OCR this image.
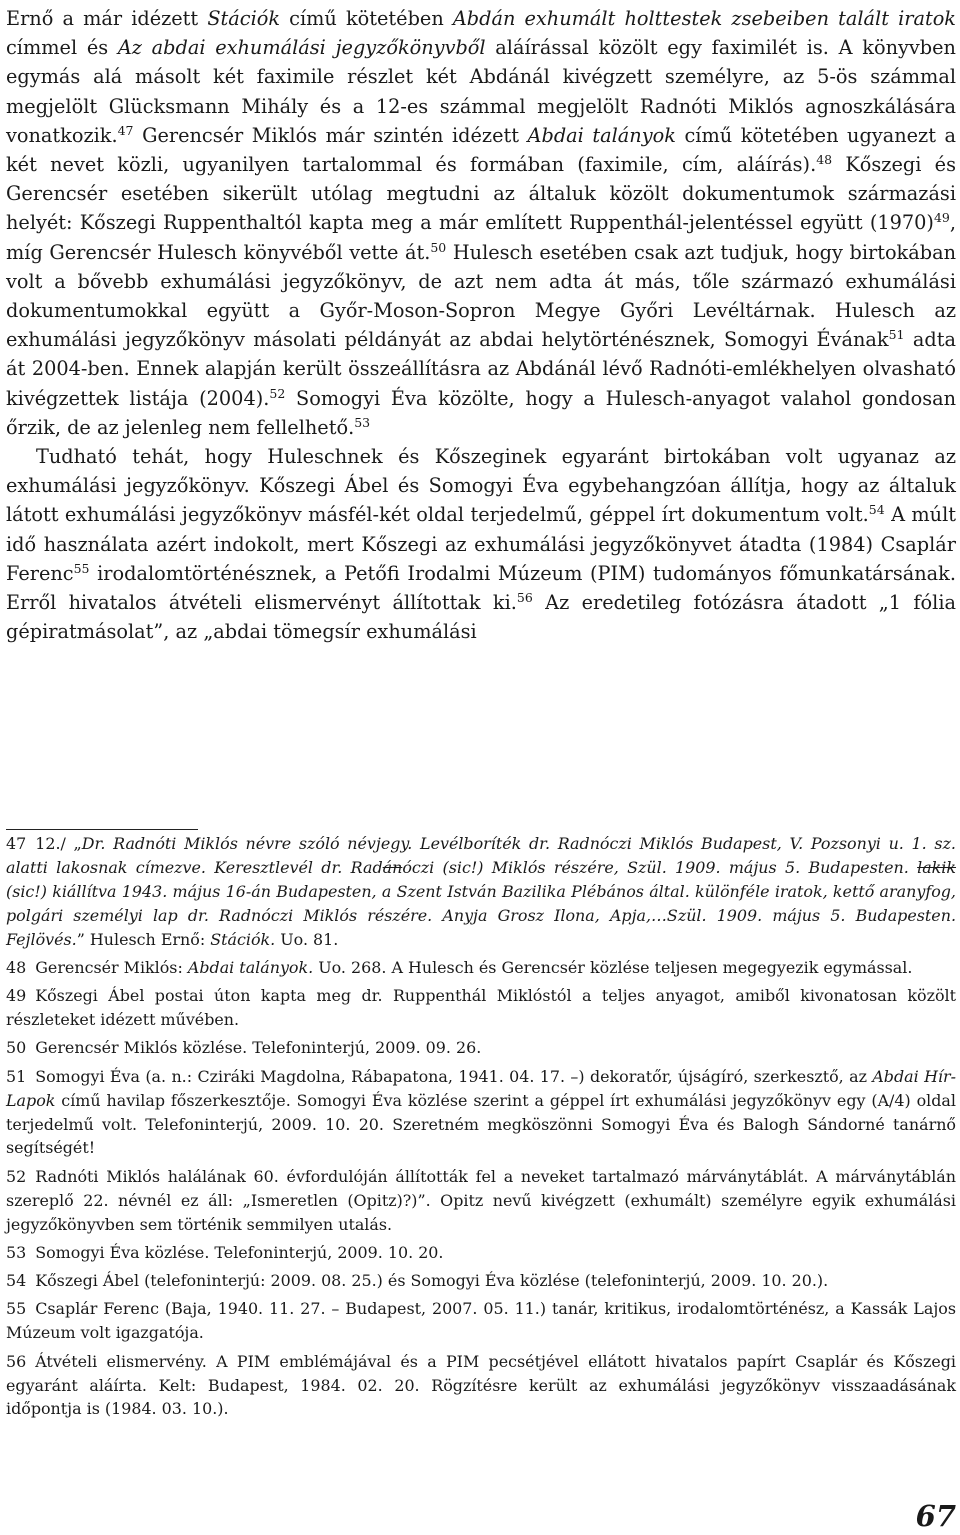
Ernő a már idézett Stációk című kötetében Abdán exhumált holttestek zsebeiben talált iratok címmel és Az abdai exhumálási jegyzőkönyvből aláírással közölt egy faximilét is. A könyvben egymás alá másolt két faximile részlet két Abdánál kivégzett személyre, az 5-ös számmal megjelölt Glücksmann Mihály és a 12-es számmal megjelölt Radnóti Miklós agnoszkálására vonatkozik.$^{47}$ Gerencsér Miklós már szintén idézett Abdai talányok című kötetében ugyanezt a két nevet közli, ugyanilyen tartalommal és formában (faximile, cím, aláírás).$^{48}$ Kőszegi és Gerencsér esetében sikerült utólag megtudni az általuk közölt dokumentumok származási helyét: Kőszegi Ruppenthaltól kapta meg a már említett Ruppenthál-jelentéssel együtt $(1970)^{49}$, míg Gerencsér Hulesch könyvéből vette át.$^{50}$ Hulesch esetében csak azt tudjuk, hogy birtokában volt a bővebb exhumálási jegyzőkönyv, de azt nem adta át más, tőle származó exhumálási dokumentumokkal együtt a Győr-Moson-Sopron Megye Győri Levéltárnak. Hulesch az exhumálási jegyzőkönyv másolati példányát az abdai helytörténésznek, Somogyi Évának$^{51}$ adta át 2004-ben. Ennek alapján került összeállításra az Abdánál lévő Radnóti-emlékhelyen olvasható kivégzettek listája (2004).$^{52}$ Somogyi Éva közölte, hogy a Hulesch-anyagot valahol gondosan őrzik, de az jelenleg nem fellelhető.$^{53}$

Tudható tehát, hogy Huleschnek és Kőszeginek egyaránt birtokában volt ugyanaz az exhumálási jegyzőkönyv. Kőszegi Ábel és Somogyi Éva egybehangzóan állítja, hogy az általuk látott exhumálási jegyzőkönyv másfél-két oldal terjedelmű, géppel írt dokumentum volt.$^{54}$ A múlt idő használata azért indokolt, mert Kőszegi az exhumálási jegyzőkönyvet átadta (1984) Csaplár Ferenc$^{55}$ irodalomtörténésznek, a Petőfi Irodalmi Múzeum (PIM) tudományos főmunkatársának. Erről hivatalos átvételi elismervényt állítottak ki.$^{56}$ Az eredetileg fotózásra átadott „1 fólia gépiratmásolat”, az „abdai tömegsír exhumálási

47 12./ „Dr. Radnóti Miklós névre szóló névjegy. Levélboríték dr. Radnóczi Miklós Budapest, V. Pozsonyi u. 1. sz. alatti lakosnak címezve. Keresztlevél dr. Radánóczi (sic!) Miklós részére, Szül. 1909. május 5. Budapesten. lakik (sic!) kiállítva 1943. május 16-án Budapesten, a Szent István Bazilika Plébános által. különféle iratok, kettő aranyfog, polgári személyi lap dr. Radnóczi Miklós részére. Anyja Grosz Ilona, Apja,…Szül. 1909. május 5. Budapesten. Fejlövés.” Hulesch Ernő: Stációk. Uo. 81.

48 Gerencsér Miklós: Abdai talányok. Uo. 268. A Hulesch és Gerencsér közlése teljesen megegyezik egymással.

49 Kőszegi Ábel postai úton kapta meg dr. Ruppenthál Miklóstól a teljes anyagot, amiből kivonatosan közölt részleteket idézett művében.

50 Gerencsér Miklós közlése. Telefoninterjú, 2009. 09. 26.

51 Somogyi Éva (a. n.: Cziráki Magdolna, Rábapatona, 1941. 04. 17. –) dekoratőr, újságíró, szerkesztő, az Abdai Hír-Lapok című havilap főszerkesztője. Somogyi Éva közlése szerint a géppel írt exhumálási jegyzőkönyv egy (A/4) oldal terjedelmű volt. Telefoninterjú, 2009. 10. 20. Szeretném megköszönni Somogyi Éva és Balogh Sándorné tanárnő segítségét!

52 Radnóti Miklós halálának 60. évfordulóján állították fel a neveket tartalmazó márványtáblát. A márványtáblán szereplő 22. névnél ez áll: „Ismeretlen (Opitz)?)”. Opitz nevű kivégzett (exhumált) személyre egyik exhumálási jegyzőkönyvben sem történik semmilyen utalás.

53 Somogyi Éva közlése. Telefoninterjú, 2009. 10. 20.

54 Kőszegi Ábel (telefoninterjú: 2009. 08. 25.) és Somogyi Éva közlése (telefoninterjú, 2009. 10. 20.).

55 Csaplár Ferenc (Baja, 1940. 11. 27. – Budapest, 2007. 05. 11.) tanár, kritikus, irodalomtörténész, a Kassák Lajos Múzeum volt igazgatója.

56 Átvételi elismervény. A PIM emblémájával és a PIM pecsétjével ellátott hivatalos papírt Csaplár és Kőszegi egyaránt aláírta. Kelt: Budapest, 1984. 02. 20. Rögzítésre került az exhumálási jegyzőkönyv visszaadásának időpontja is (1984. 03. 10.).

67
